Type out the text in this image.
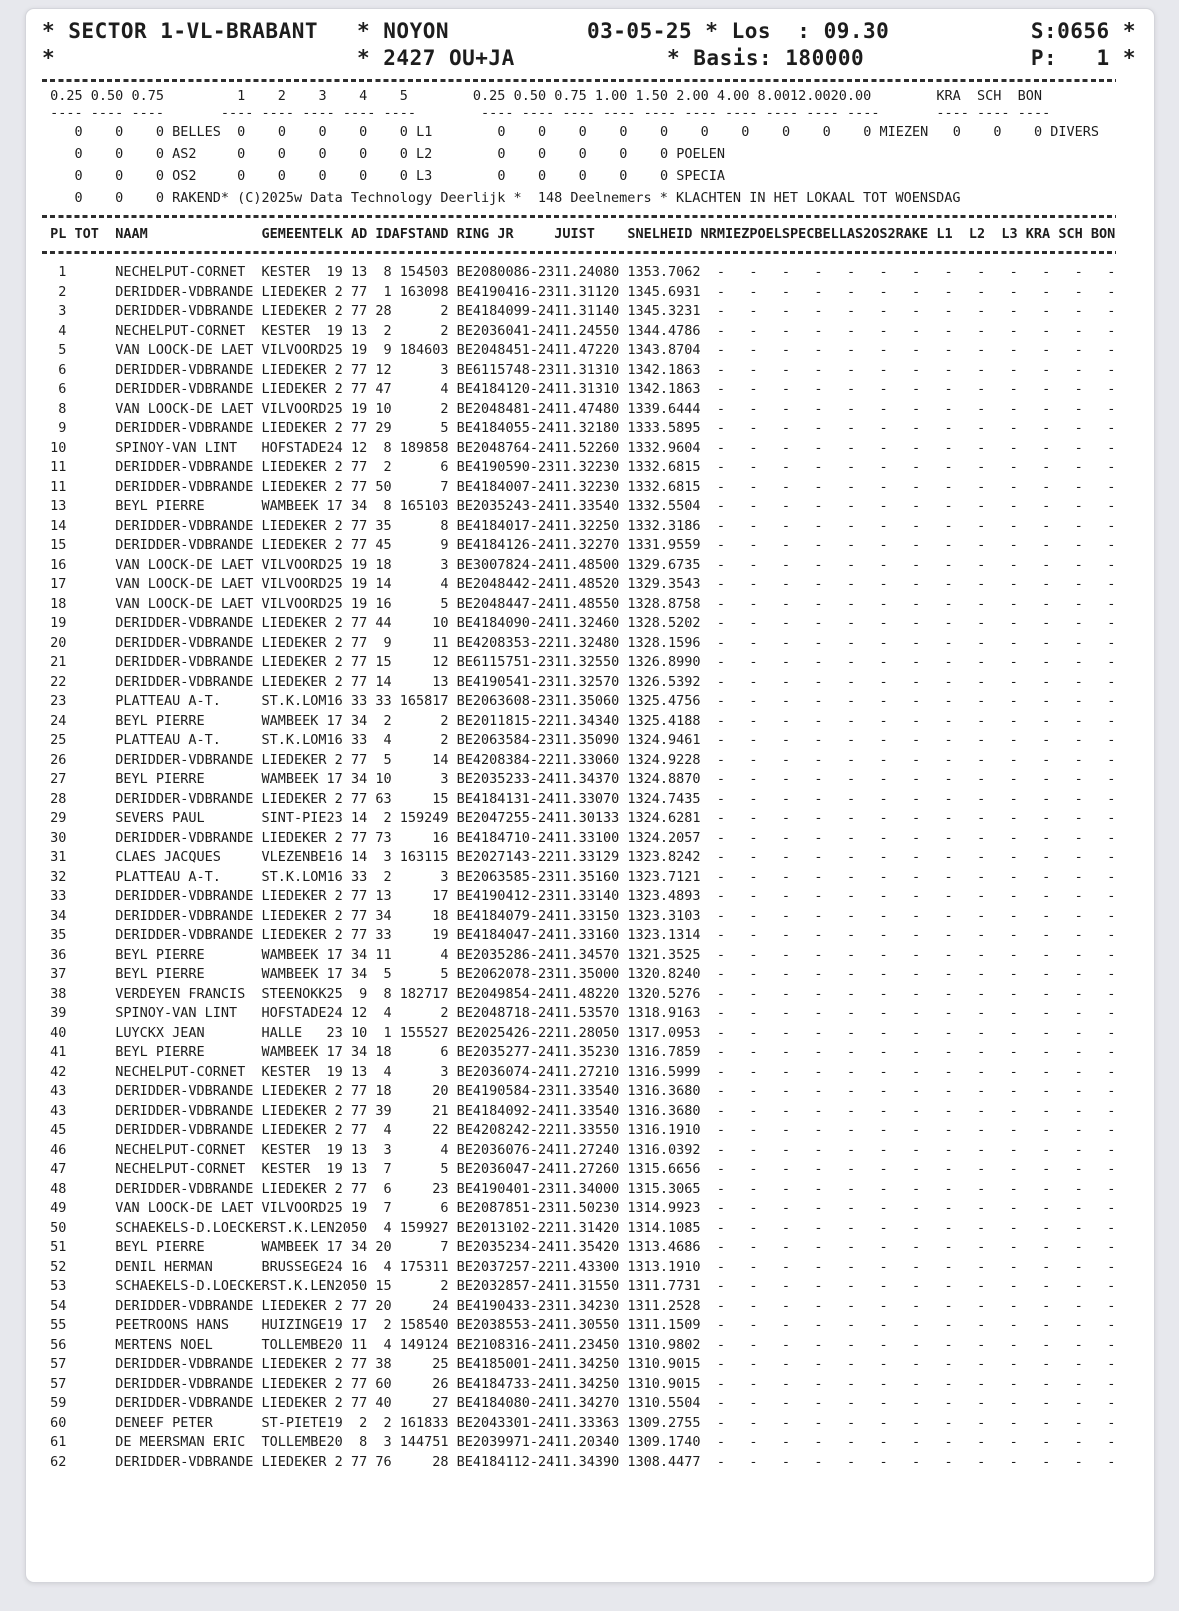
* SECTOR 1-VL-BRABANT

* NOYON

	03-05-25 * Los  : 09.30

	S:0656 *

*

	* 2427 OU+JA

	* Basis: 180000

	P:   1 *

0.25 0.50 0.75	1 2 3 4 5	0.25 0.50 0.75 1.00 1.50 2.00 4.00 8.0012.0020.00	KRA SCH BON
---- ---- ----	---- ---- ---- ---- ----	---- ---- ---- ---- ---- ---- ---- ---- ---- ----	---- ---- ----
0    0    0 BELLES 0 0 0 0 0 L1	0    0    0    0    0    0    0    0    0    0 MIEZEN   0    0    0 DIVERS
0    0    0 AS2	0 0 0 0 0 L2	0    0    0    0    0 POELEN
0    0    0 OS2	0 0 0 0 0 L3	0    0    0    0    0 SPECIA
0    0    0 RAKEND* (C)2025w Data Technology Deerlijk *  148 Deelnemers * KLACHTEN IN HET LOKAAL TOT WOENSDAG
PL TOT NAAM	GEMEENTELK AD IDAFSTAND RING JR	JUIST SNELHEID NRMIEZPOELSPECBELLAS2OS2RAKE L1 L2 L3 KRA SCH BON
1	NECHELPUT-CORNET  KESTER  19 13  8 154503 BE2080086-2311.24080 1353.7062 - - - - - - - - - - - - -
2	DERIDDER-VDBRANDE LIEDEKER 2 77  1 163098 BE4190416-2311.31120 1345.6931 - - - - - - - - - - - - -
3	DERIDDER-VDBRANDE LIEDEKER 2 77 28      2 BE4184099-2411.31140 1345.3231 - - - - - - - - - - - - -
4	NECHELPUT-CORNET  KESTER  19 13  2      2 BE2036041-2411.24550 1344.4786 - - - - - - - - - - - - -
5	VAN LOOCK-DE LAET VILVOORD25 19  9 184603 BE2048451-2411.47220 1343.8704 - - - - - - - - - - - - -
6	DERIDDER-VDBRANDE LIEDEKER 2 77 12      3 BE6115748-2311.31310 1342.1863 - - - - - - - - - - - - -
6	DERIDDER-VDBRANDE LIEDEKER 2 77 47      4 BE4184120-2411.31310 1342.1863 - - - - - - - - - - - - -
8	VAN LOOCK-DE LAET VILVOORD25 19 10      2 BE2048481-2411.47480 1339.6444 - - - - - - - - - - - - -
9	DERIDDER-VDBRANDE LIEDEKER 2 77 29      5 BE4184055-2411.32180 1333.5895 - - - - - - - - - - - - -
10	SPINOY-VAN LINT   HOFSTADE24 12  8 189858 BE2048764-2411.52260 1332.9604 - - - - - - - - - - - - -
11	DERIDDER-VDBRANDE LIEDEKER 2 77  2      6 BE4190590-2311.32230 1332.6815 - - - - - - - - - - - - -
11	DERIDDER-VDBRANDE LIEDEKER 2 77 50      7 BE4184007-2411.32230 1332.6815 - - - - - - - - - - - - -
13	BEYL PIERRE       WAMBEEK 17 34  8 165103 BE2035243-2411.33540 1332.5504 - - - - - - - - - - - - -
14	DERIDDER-VDBRANDE LIEDEKER 2 77 35      8 BE4184017-2411.32250 1332.3186 - - - - - - - - - - - - -
15	DERIDDER-VDBRANDE LIEDEKER 2 77 45      9 BE4184126-2411.32270 1331.9559 - - - - - - - - - - - - -
16	VAN LOOCK-DE LAET VILVOORD25 19 18      3 BE3007824-2411.48500 1329.6735 - - - - - - - - - - - - -
17	VAN LOOCK-DE LAET VILVOORD25 19 14      4 BE2048442-2411.48520 1329.3543 - - - - - - - - - - - - -
18	VAN LOOCK-DE LAET VILVOORD25 19 16      5 BE2048447-2411.48550 1328.8758 - - - - - - - - - - - - -
19	DERIDDER-VDBRANDE LIEDEKER 2 77 44     10 BE4184090-2411.32460 1328.5202 - - - - - - - - - - - - -
20	DERIDDER-VDBRANDE LIEDEKER 2 77  9     11 BE4208353-2211.32480 1328.1596 - - - - - - - - - - - - -
21	DERIDDER-VDBRANDE LIEDEKER 2 77 15     12 BE6115751-2311.32550 1326.8990 - - - - - - - - - - - - -
22	DERIDDER-VDBRANDE LIEDEKER 2 77 14     13 BE4190541-2311.32570 1326.5392 - - - - - - - - - - - - -
23	PLATTEAU A-T.     ST.K.LOM16 33 33 165817 BE2063608-2311.35060 1325.4756 - - - - - - - - - - - - -
24	BEYL PIERRE       WAMBEEK 17 34  2      2 BE2011815-2211.34340 1325.4188 - - - - - - - - - - - - -
25	PLATTEAU A-T.     ST.K.LOM16 33  4      2 BE2063584-2311.35090 1324.9461 - - - - - - - - - - - - -
26	DERIDDER-VDBRANDE LIEDEKER 2 77  5     14 BE4208384-2211.33060 1324.9228 - - - - - - - - - - - - -
27	BEYL PIERRE       WAMBEEK 17 34 10      3 BE2035233-2411.34370 1324.8870 - - - - - - - - - - - - -
28	DERIDDER-VDBRANDE LIEDEKER 2 77 63     15 BE4184131-2411.33070 1324.7435 - - - - - - - - - - - - -
29	SEVERS PAUL       SINT-PIE23 14  2 159249 BE2047255-2411.30133 1324.6281 - - - - - - - - - - - - -
30	DERIDDER-VDBRANDE LIEDEKER 2 77 73     16 BE4184710-2411.33100 1324.2057 - - - - - - - - - - - - -
31	CLAES JACQUES     VLEZENBE16 14  3 163115 BE2027143-2211.33129 1323.8242 - - - - - - - - - - - - -
32	PLATTEAU A-T.     ST.K.LOM16 33  2      3 BE2063585-2311.35160 1323.7121 - - - - - - - - - - - - -
33	DERIDDER-VDBRANDE LIEDEKER 2 77 13     17 BE4190412-2311.33140 1323.4893 - - - - - - - - - - - - -
34	DERIDDER-VDBRANDE LIEDEKER 2 77 34     18 BE4184079-2411.33150 1323.3103 - - - - - - - - - - - - -
35	DERIDDER-VDBRANDE LIEDEKER 2 77 33     19 BE4184047-2411.33160 1323.1314 - - - - - - - - - - - - -
36	BEYL PIERRE       WAMBEEK 17 34 11      4 BE2035286-2411.34570 1321.3525 - - - - - - - - - - - - -
37	BEYL PIERRE       WAMBEEK 17 34  5      5 BE2062078-2311.35000 1320.8240 - - - - - - - - - - - - -
38	VERDEYEN FRANCIS  STEENOKK25  9  8 182717 BE2049854-2411.48220 1320.5276 - - - - - - - - - - - - -
39	SPINOY-VAN LINT   HOFSTADE24 12  4      2 BE2048718-2411.53570 1318.9163 - - - - - - - - - - - - -
40	LUYCKX JEAN       HALLE   23 10  1 155527 BE2025426-2211.28050 1317.0953 - - - - - - - - - - - - -
41	BEYL PIERRE       WAMBEEK 17 34 18      6 BE2035277-2411.35230 1316.7859 - - - - - - - - - - - - -
42	NECHELPUT-CORNET  KESTER  19 13  4      3 BE2036074-2411.27210 1316.5999 - - - - - - - - - - - - -
43	DERIDDER-VDBRANDE LIEDEKER 2 77 18     20 BE4190584-2311.33540 1316.3680 - - - - - - - - - - - - -
43	DERIDDER-VDBRANDE LIEDEKER 2 77 39     21 BE4184092-2411.33540 1316.3680 - - - - - - - - - - - - -
45	DERIDDER-VDBRANDE LIEDEKER 2 77  4     22 BE4208242-2211.33550 1316.1910 - - - - - - - - - - - - -
46	NECHELPUT-CORNET  KESTER  19 13  3      4 BE2036076-2411.27240 1316.0392 - - - - - - - - - - - - -
47	NECHELPUT-CORNET  KESTER  19 13  7      5 BE2036047-2411.27260 1315.6656 - - - - - - - - - - - - -
48	DERIDDER-VDBRANDE LIEDEKER 2 77  6     23 BE4190401-2311.34000 1315.3065 - - - - - - - - - - - - -
49	VAN LOOCK-DE LAET VILVOORD25 19  7      6 BE2087851-2311.50230 1314.9923 - - - - - - - - - - - - -
50	SCHAEKELS-D.LOECKERST.K.LEN2050  4 159927 BE2013102-2211.31420 1314.1085 - - - - - - - - - - - - -
51	BEYL PIERRE       WAMBEEK 17 34 20      7 BE2035234-2411.35420 1313.4686 - - - - - - - - - - - - -
52	DENIL HERMAN      BRUSSEGE24 16  4 175311 BE2037257-2211.43300 1313.1910 - - - - - - - - - - - - -
53	SCHAEKELS-D.LOECKERST.K.LEN2050 15      2 BE2032857-2411.31550 1311.7731 - - - - - - - - - - - - -
54	DERIDDER-VDBRANDE LIEDEKER 2 77 20     24 BE4190433-2311.34230 1311.2528 - - - - - - - - - - - - -
55	PEETROONS HANS    HUIZINGE19 17  2 158540 BE2038553-2411.30550 1311.1509 - - - - - - - - - - - - -
56	MERTENS NOEL      TOLLEMBE20 11  4 149124 BE2108316-2411.23450 1310.9802 - - - - - - - - - - - - -
57	DERIDDER-VDBRANDE LIEDEKER 2 77 38     25 BE4185001-2411.34250 1310.9015 - - - - - - - - - - - - -
57	DERIDDER-VDBRANDE LIEDEKER 2 77 60     26 BE4184733-2411.34250 1310.9015 - - - - - - - - - - - - -
59	DERIDDER-VDBRANDE LIEDEKER 2 77 40     27 BE4184080-2411.34270 1310.5504 - - - - - - - - - - - - -
60	DENEEF PETER      ST-PIETE19  2  2 161833 BE2043301-2411.33363 1309.2755 - - - - - - - - - - - - -
61	DE MEERSMAN ERIC  TOLLEMBE20  8  3 144751 BE2039971-2411.20340 1309.1740 - - - - - - - - - - - - -
62	DERIDDER-VDBRANDE LIEDEKER 2 77 76     28 BE4184112-2411.34390 1308.4477 - - - - - - - - - - - - -
